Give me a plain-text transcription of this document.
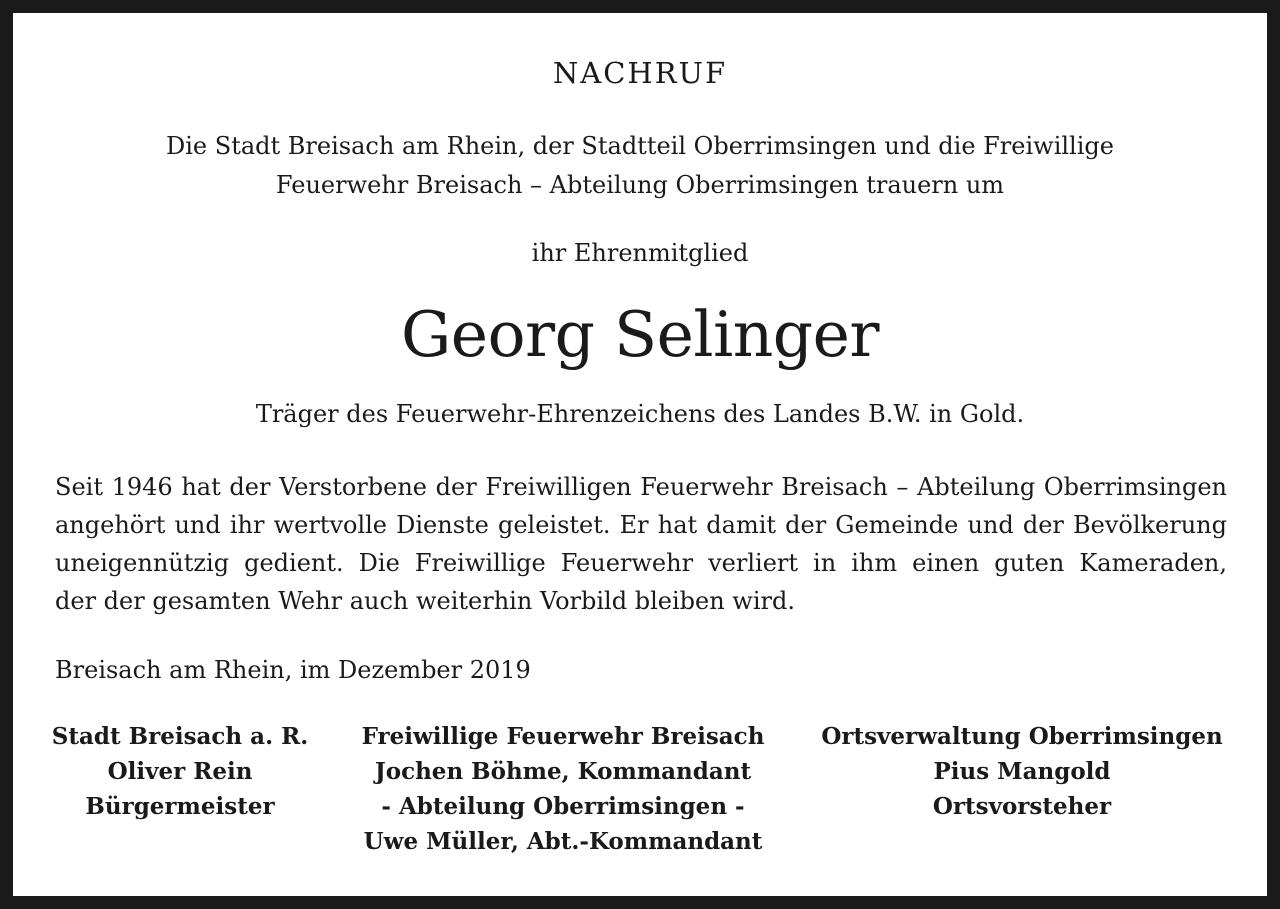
NACHRUF
Die Stadt Breisach am Rhein, der Stadtteil Oberrimsingen und die Freiwillige
Feuerwehr Breisach – Abteilung Oberrimsingen trauern um
ihr Ehrenmitglied
Georg Selinger
Träger des Feuerwehr-Ehrenzeichens des Landes B.W. in Gold.
Seit 1946 hat der Verstorbene der Freiwilligen Feuerwehr Breisach – Abteilung Oberrimsingen
angehört und ihr wertvolle Dienste geleistet. Er hat damit der Gemeinde und der Bevölkerung
uneigennützig gedient. Die Freiwillige Feuerwehr verliert in ihm einen guten Kameraden,
der der gesamten Wehr auch weiterhin Vorbild bleiben wird.
Breisach am Rhein, im Dezember 2019
Stadt Breisach a. R.
Oliver Rein
Bürgermeister
Freiwillige Feuerwehr Breisach
Jochen Böhme, Kommandant
- Abteilung Oberrimsingen -
Uwe Müller, Abt.-Kommandant
Ortsverwaltung Oberrimsingen
Pius Mangold
Ortsvorsteher
